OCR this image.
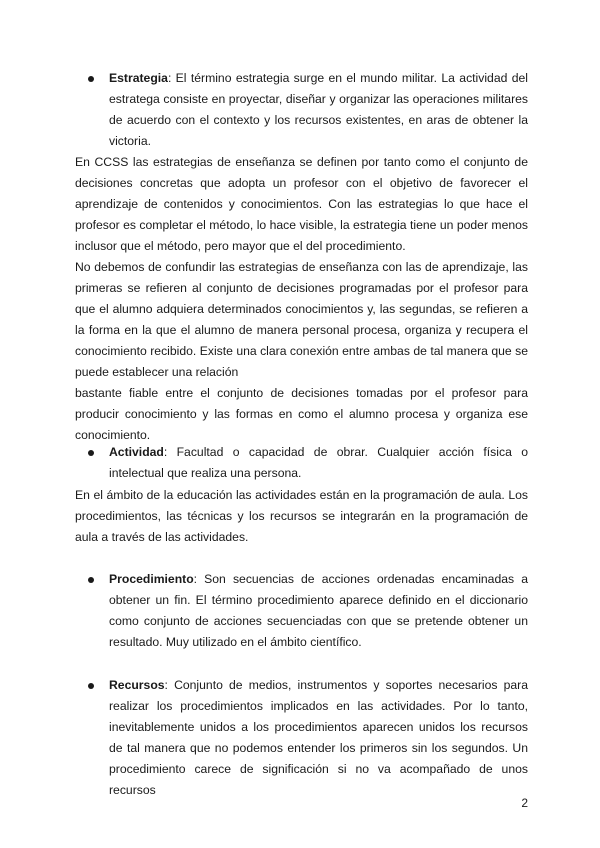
Estrategia: El término estrategia surge en el mundo militar. La actividad del estratega consiste en proyectar, diseñar y organizar las operaciones militares de acuerdo con el contexto y los recursos existentes, en aras de obtener la victoria.
En CCSS las estrategias de enseñanza se definen por tanto como el conjunto de decisiones concretas que adopta un profesor con el objetivo de favorecer el aprendizaje de contenidos y conocimientos. Con las estrategias lo que hace el profesor es completar el método, lo hace visible, la estrategia tiene un poder menos inclusor que el método, pero mayor que el del procedimiento.
No debemos de confundir las estrategias de enseñanza con las de aprendizaje, las primeras se refieren al conjunto de decisiones programadas por el profesor para que el alumno adquiera determinados conocimientos y, las segundas, se refieren a la forma en la que el alumno de manera personal procesa, organiza y recupera el conocimiento recibido. Existe una clara conexión entre ambas de tal manera que se puede establecer una relación
bastante fiable entre el conjunto de decisiones tomadas por el profesor para producir conocimiento y las formas en como el alumno procesa y organiza ese conocimiento.
Actividad: Facultad o capacidad de obrar. Cualquier acción física o intelectual que realiza una persona.
En el ámbito de la educación las actividades están en la programación de aula. Los procedimientos, las técnicas y los recursos se integrarán en la programación de aula a través de las actividades.
Procedimiento: Son secuencias de acciones ordenadas encaminadas a obtener un fin. El término procedimiento aparece definido en el diccionario como conjunto de acciones secuenciadas con que se pretende obtener un resultado. Muy utilizado en el ámbito científico.
Recursos: Conjunto de medios, instrumentos y soportes necesarios para realizar los procedimientos implicados en las actividades. Por lo tanto, inevitablemente unidos a los procedimientos aparecen unidos los recursos de tal manera que no podemos entender los primeros sin los segundos. Un procedimiento carece de significación si no va acompañado de unos recursos
2
